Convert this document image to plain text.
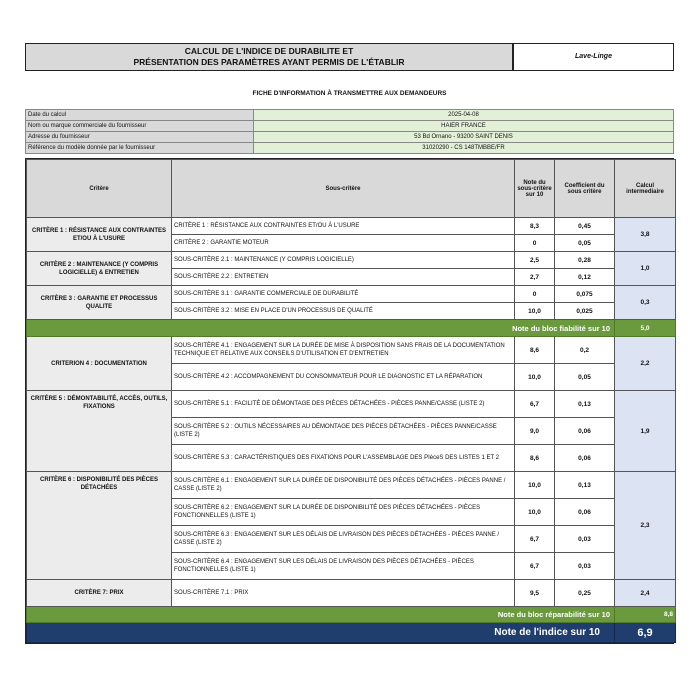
CALCUL DE L'INDICE DE DURABILITE ET
PRÉSENTATION DES PARAMÈTRES AYANT PERMIS DE L'ÉTABLIR
Lave-Linge
FICHE D'INFORMATION À TRANSMETTRE AUX DEMANDEURS
Date du calcul	2025-04-08
Nom ou marque commerciale du fournisseur	HAIER FRANCE
Adresse du fournisseur	53 Bd Ornano - 93200 SAINT DENIS
Référence du modèle donnée par le fournisseur	31020290 - CS 148TMBBE/FR
Critère	Sous-critère	Note du sous-critère sur 10	Coefficient du sous critère	Calcul intermediaire
CRITÈRE 1 : RÉSISTANCE AUX CONTRAINTES ET/OU À L'USURE	CRITÈRE 1 : RÉSISTANCE AUX CONTRAINTES ET/OU À L'USURE	8,3	0,45	3,8
	CRITÈRE 2 : GARANTIE MOTEUR	0	0,05	
CRITÈRE 2 : MAINTENANCE (Y COMPRIS LOGICIELLE) & ENTRETIEN	SOUS-CRITÈRE 2.1 : MAINTENANCE (Y COMPRIS LOGICIELLE)	2,5	0,28	1,0
	SOUS-CRITÈRE 2.2 : ENTRETIEN	2,7	0,12	
CRITÈRE 3 : GARANTIE ET PROCESSUS QUALITE	SOUS-CRITÈRE 3.1 : GARANTIE COMMERCIALE DE DURABILITÉ	0	0,075	0,3
	SOUS-CRITÈRE 3.2 : MISE EN PLACE D'UN PROCESSUS DE QUALITÉ	10,0	0,025	
Note du bloc fiabilité sur 10				5,0
CRITERION 4 : DOCUMENTATION	SOUS-CRITÈRE 4.1 : ENGAGEMENT SUR LA DURÉE DE MISE À DISPOSITION SANS FRAIS DE LA DOCUMENTATION TECHNIQUE ET RELATIVE AUX CONSEILS D'UTILISATION ET D'ENTRETIEN	8,6	0,2	2,2
	SOUS-CRITÈRE 4.2 : ACCOMPAGNEMENT DU CONSOMMATEUR POUR LE DIAGNOSTIC ET LA RÉPARATION	10,0	0,05	
CRITÈRE 5 : DÉMONTABILITÉ, ACCÈS, OUTILS, FIXATIONS	SOUS-CRITÈRE 5.1 : FACILITÉ DE DÉMONTAGE DES PIÈCES DÉTACHÉES - PIÈCES PANNE/CASSE (LISTE 2)	6,7	0,13	1,9
	SOUS-CRITÈRE 5.2 : OUTILS NÉCESSAIRES AU DÉMONTAGE DES PIÈCES DÉTACHÉES - PIÈCES PANNE/CASSE (LISTE 2)	9,0	0,06	
	SOUS-CRITÈRE 5.3 : CARACTÉRISTIQUES DES FIXATIONS POUR L'ASSEMBLAGE DES PIèceS DES LISTES 1 ET 2	8,6	0,06	
CRITÈRE 6 : DISPONIBILITÉ DES PIÈCES DÉTACHÉES	SOUS-CRITÈRE 6.1 : ENGAGEMENT SUR LA DURÉE DE DISPONIBILITÉ DES PIÈCES DÉTACHÉES - PIÈCES PANNE / CASSE (LISTE 2)	10,0	0,13	2,3
	SOUS-CRITÈRE 6.2 : ENGAGEMENT SUR LA DURÉE DE DISPONIBILITÉ DES PIÈCES DÉTACHÉES - PIÈCES FONCTIONNELLES (LISTE 1)	10,0	0,06	
	SOUS-CRITÈRE 6.3 : ENGAGEMENT SUR LES DÉLAIS DE LIVRAISON DES PIÈCES DÉTACHÉES - PIÈCES PANNE / CASSE (LISTE 2)	6,7	0,03	
	SOUS-CRITÈRE 6.4 : ENGAGEMENT SUR LES DÉLAIS DE LIVRAISON DES PIÈCES DÉTACHÉES - PIÈCES FONCTIONNELLES (LISTE 1)	6,7	0,03	
CRITÈRE 7: PRIX	SOUS-CRITÈRE 7.1 : PRIX	9,5	0,25	2,4
Note du bloc réparabilité sur 10				8,8
Note de l'indice sur 10				6,9
